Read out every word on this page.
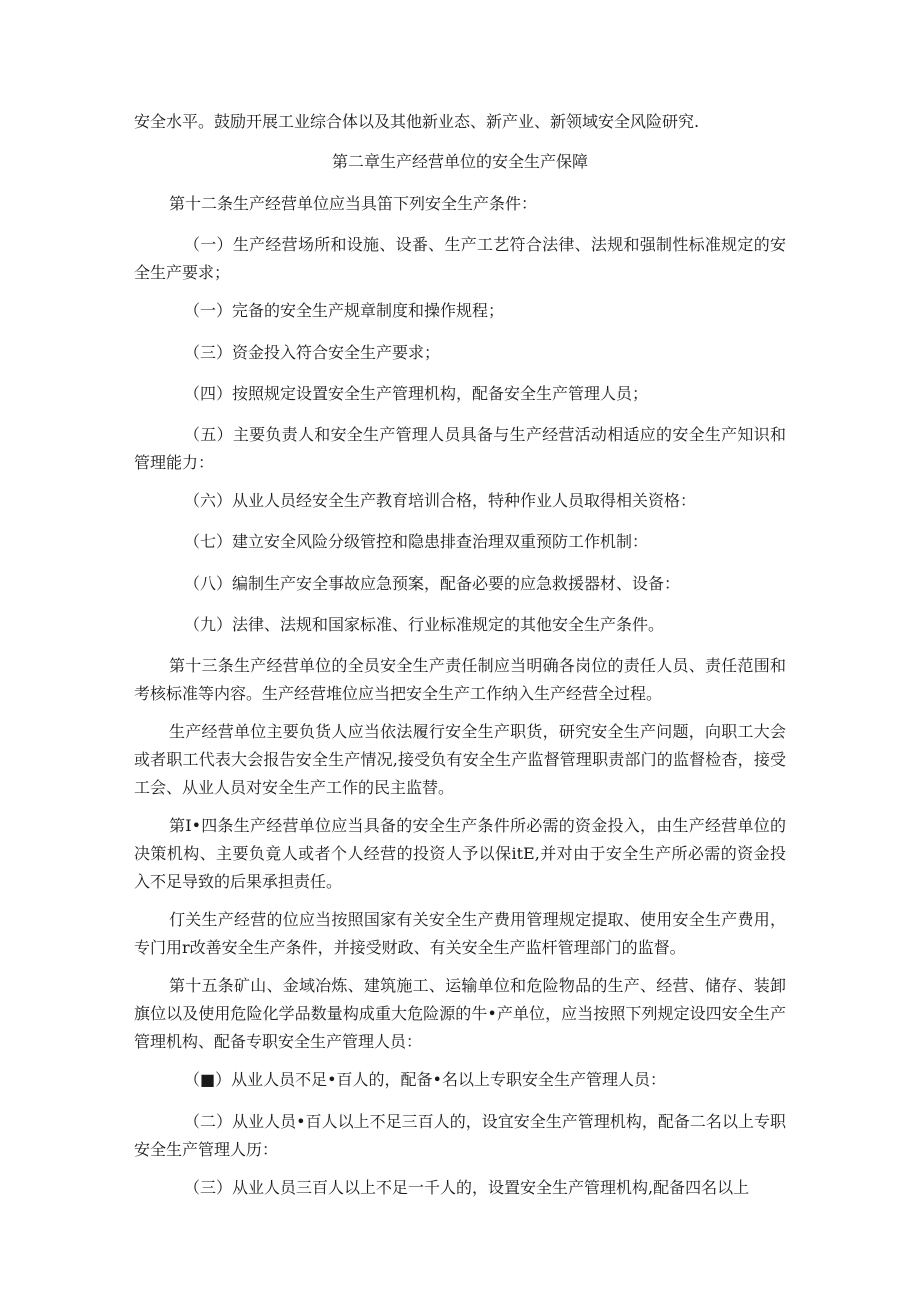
安全水平。鼓励开展工业综合体以及其他新业态、新产业、新领域安全风险研究.

第二章生产经营单位的安全生产保障

第十二条生产经营单位应当具笛下列安全生产条件：

（一）生产经营场所和设施、设番、生产工艺符合法律、法规和强制性标准规定的安全生产要求；

（一）完备的安全生产规章制度和操作规程；

（三）资金投入符合安全生产要求；

（四）按照规定设置安全生产管理机构，配备安全生产管理人员；

（五）主要负责人和安全生产管理人员具备与生产经营活动相适应的安全生产知识和管理能力：

（六）从业人员经安全生产教育培训合格，特种作业人员取得相关资格：

（七）建立安全风险分级管控和隐患排查治理双重预防工作机制：

（八）编制生产安全事故应急预案，配备必要的应急救援器材、设备：

（九）法律、法规和国家标准、行业标准规定的其他安全生产条件。

第十三条生产经营单位的全员安全生产责任制应当明确各岗位的责任人员、责任范围和考核标准等内容。生产经营堆位应当把安全生产工作纳入生产经营全过程。

生产经营单位主要负货人应当依法履行安全生产职货，研究安全生产问题，向职工大会或者职工代表大会报告安全生产情况,接受负有安全生产监督管理职责部门的监督检杳，接受工会、从业人员对安全生产工作的民主监替。

第I•四条生产经营单位应当具备的安全生产条件所必需的资金投入，由生产经营单位的决策机构、主要负竟人或者个人经营的投资人予以保itE,并对由于安全生产所必需的资金投入不足导致的后果承担责任。

仃关生产经营的位应当按照国家有关安全生产费用管理规定提取、使用安全生产费用，专门用r改善安全生产条件，并接受财政、有关安全生产监杆管理部门的监督。

第十五条矿山、金域冶炼、建筑施工、运输单位和危险物品的生产、经营、储存、装卸旗位以及使用危险化学品数量构成重大危险源的牛•产单位，应当按照下列规定设四安全生产管理机构、配备专职安全生产管理人员：

（■）从业人员不足•百人的，配备•名以上专职安全生产管理人员：

（二）从业人员•百人以上不足三百人的，设宜安全生产管理机构，配备二名以上专职安全生产管理人历：

（三）从业人员三百人以上不足一千人的，设置安全生产管理机构,配备四名以上
